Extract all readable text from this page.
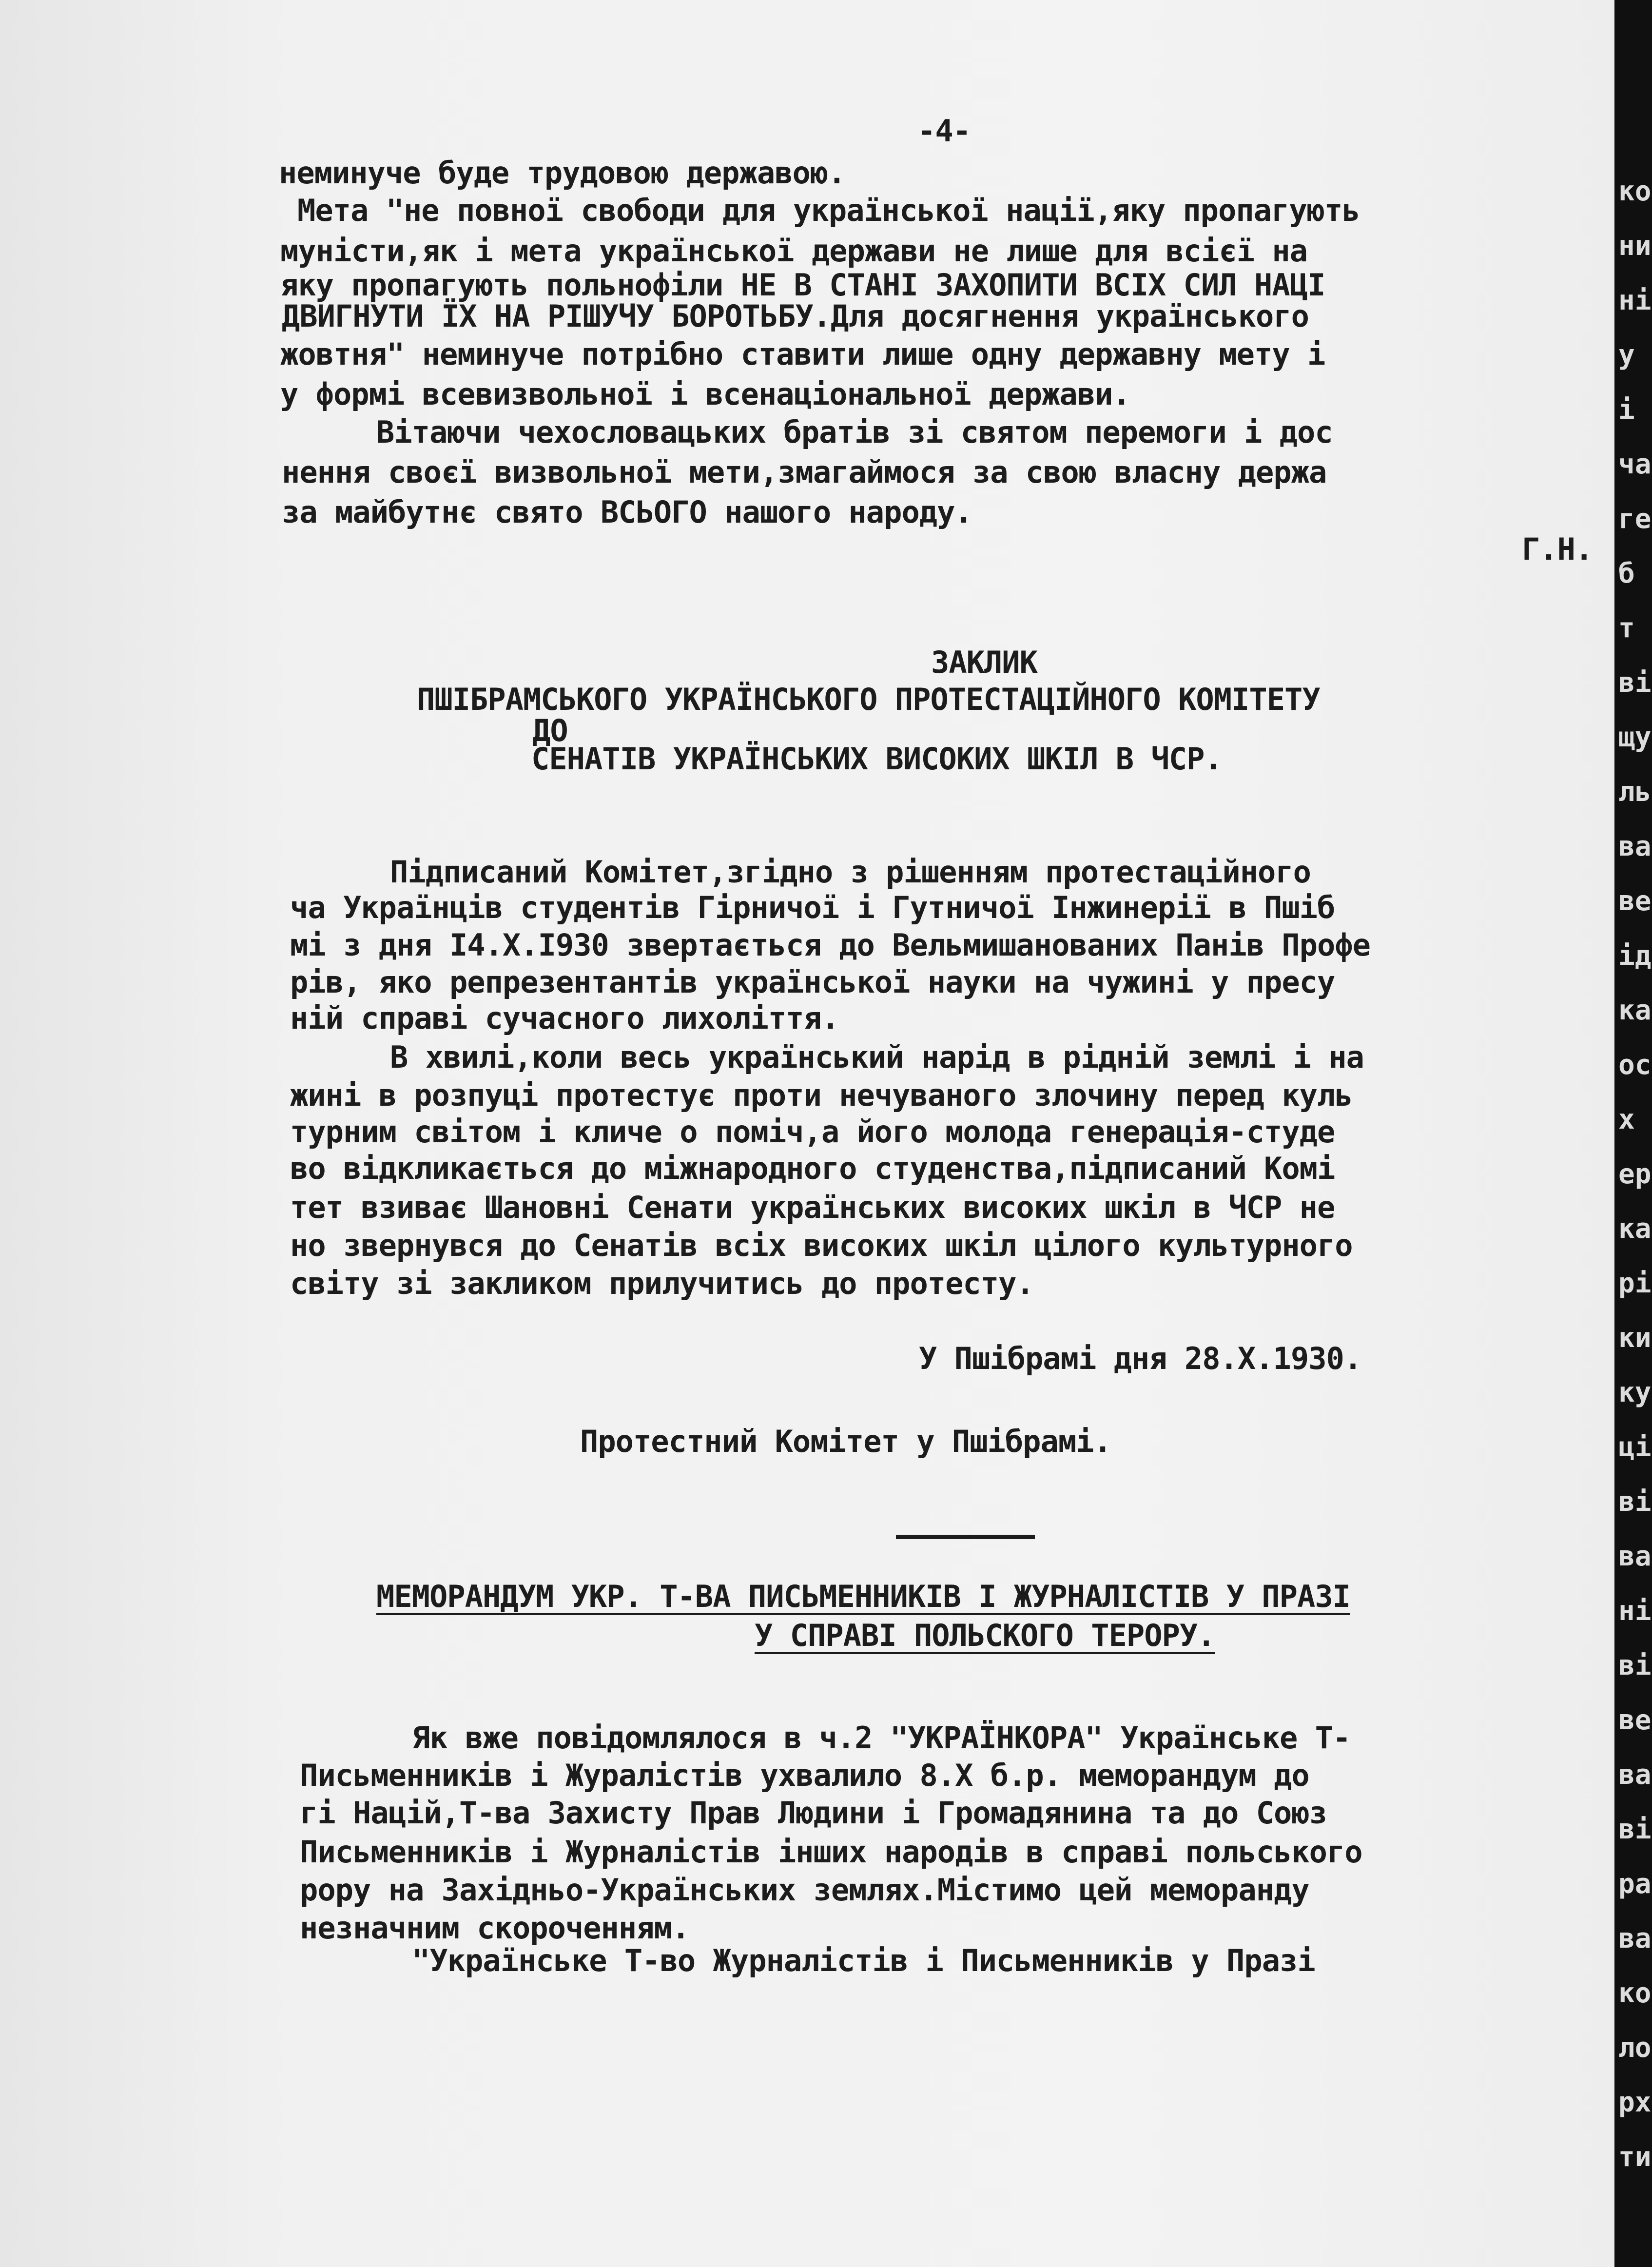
-4-
неминуче буде трудовою державою.
Мета "не повної свободи для української нації,яку пропагують
муністи,як і мета української держави не лише для всієї на
яку пропагують польнофіли НЕ В СТАНІ ЗАХОПИТИ ВСІХ СИЛ НАЦІ
ДВИГНУТИ ЇХ НА РІШУЧУ БОРОТЬБУ.Для досягнення українського
жовтня" неминуче потрібно ставити лише одну державну мету і
у формі всевизвольної і всенаціональної держави.
Вітаючи чехословацьких братів зі святом перемоги і дос
нення своєї визвольної мети,змагаймося за свою власну держа
за майбутнє свято ВСЬОГО нашого народу.
Г.Н.
ЗАКЛИК
ПШІБРАМСЬКОГО УКРАЇНСЬКОГО ПРОТЕСТАЦІЙНОГО КОМІТЕТУ
ДО
СЕНАТІВ УКРАЇНСЬКИХ ВИСОКИХ ШКІЛ В ЧСР.
Підписаний Комітет,згідно з рішенням протестаційного
ча Українців студентів Гірничої і Гутничої Інжинерії в Пшіб
мі з дня I4.X.I930 звертається до Вельмишанованих Панів Профе
рів, яко репрезентантів української науки на чужині у пресу
ній справі сучасного лихоліття.
В хвилі,коли весь український нарід в рідній землі і на
жині в розпуці протестує проти нечуваного злочину перед куль
турним світом і кличе о поміч,а його молода генерація-студе
во відкликається до міжнародного студенства,підписаний Комі
тет взиває Шановні Сенати українських високих шкіл в ЧСР не
но звернувся до Сенатів всіх високих шкіл цілого культурного
світу зі закликом прилучитись до протесту.
У Пшібрамі дня 28.X.1930.
Протестний Комітет у Пшібрамі.
МЕМОРАНДУМ УКР. Т-ВА ПИСЬМЕННИКІВ І ЖУРНАЛІСТІВ У ПРАЗІ
У СПРАВІ ПОЛЬСКОГО ТЕРОРУ.
Як вже повідомлялося в ч.2 "УКРАЇНКОРА" Українське Т-
Письменників і Журалістів ухвалило 8.X б.р. меморандум до
гі Націй,Т-ва Захисту Прав Людини і Громадянина та до Союз
Письменників і Журналістів інших народів в справі польського
рору на Західньо-Українських землях.Містимо цей меморанду
незначним скороченням.
"Українське Т-во Журналістів і Письменників у Празі
ко
ни
ні
у
і
ча
ге
б
т
ві
щу
ль
ва
ве
ід
ка
ос
х
ер
ка
рі
ки
ку
ці
ві
ва
ні
ві
ве
ва
ві
ра
ва
ко
ло
рх
ти
